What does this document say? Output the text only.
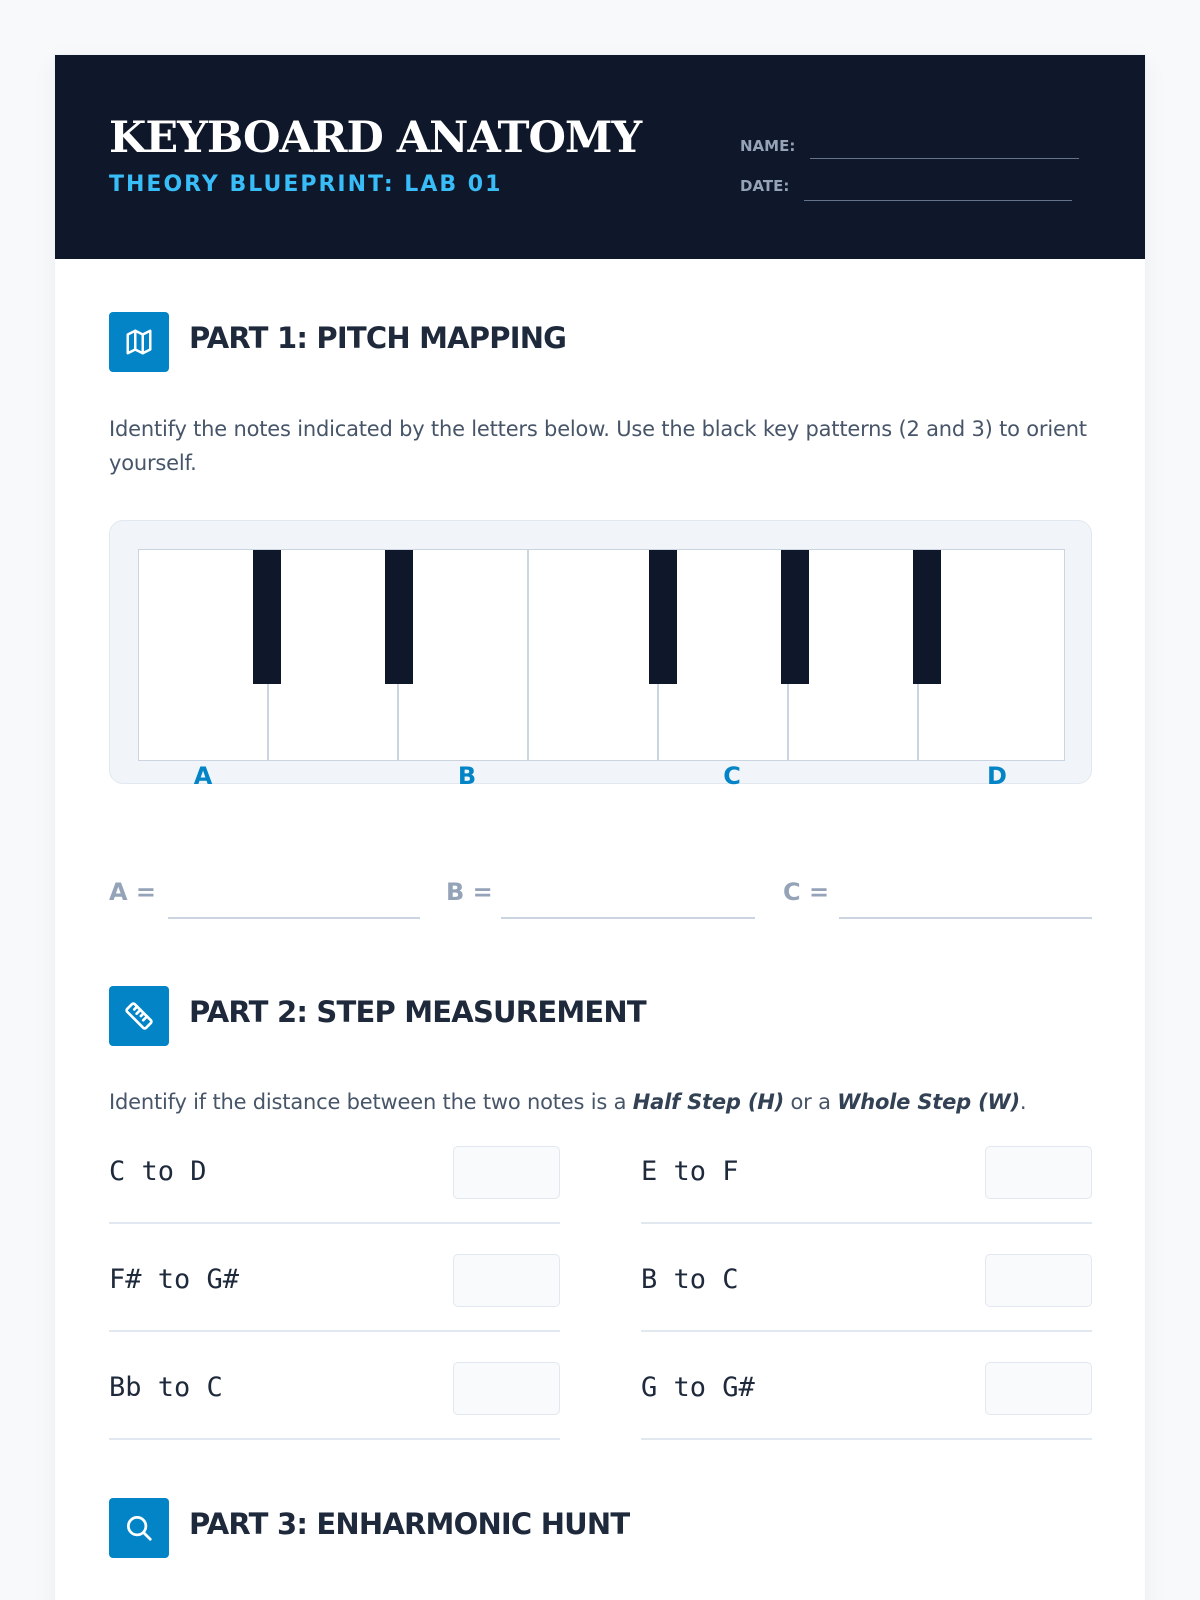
KEYBOARD ANATOMY
THEORY BLUEPRINT: LAB 01
NAME:
DATE:
PART 1: PITCH MAPPING
Identify the notes indicated by the letters below. Use the black key patterns (2 and 3) to orient yourself.
A	B	C	D
A =	B =	C =
PART 2: STEP MEASUREMENT
Identify if the distance between the two notes is a Half Step (H) or a Whole Step (W).
C to D	E to F
F# to G#	B to C
Bb to C	G to G#
PART 3: ENHARMONIC HUNT
